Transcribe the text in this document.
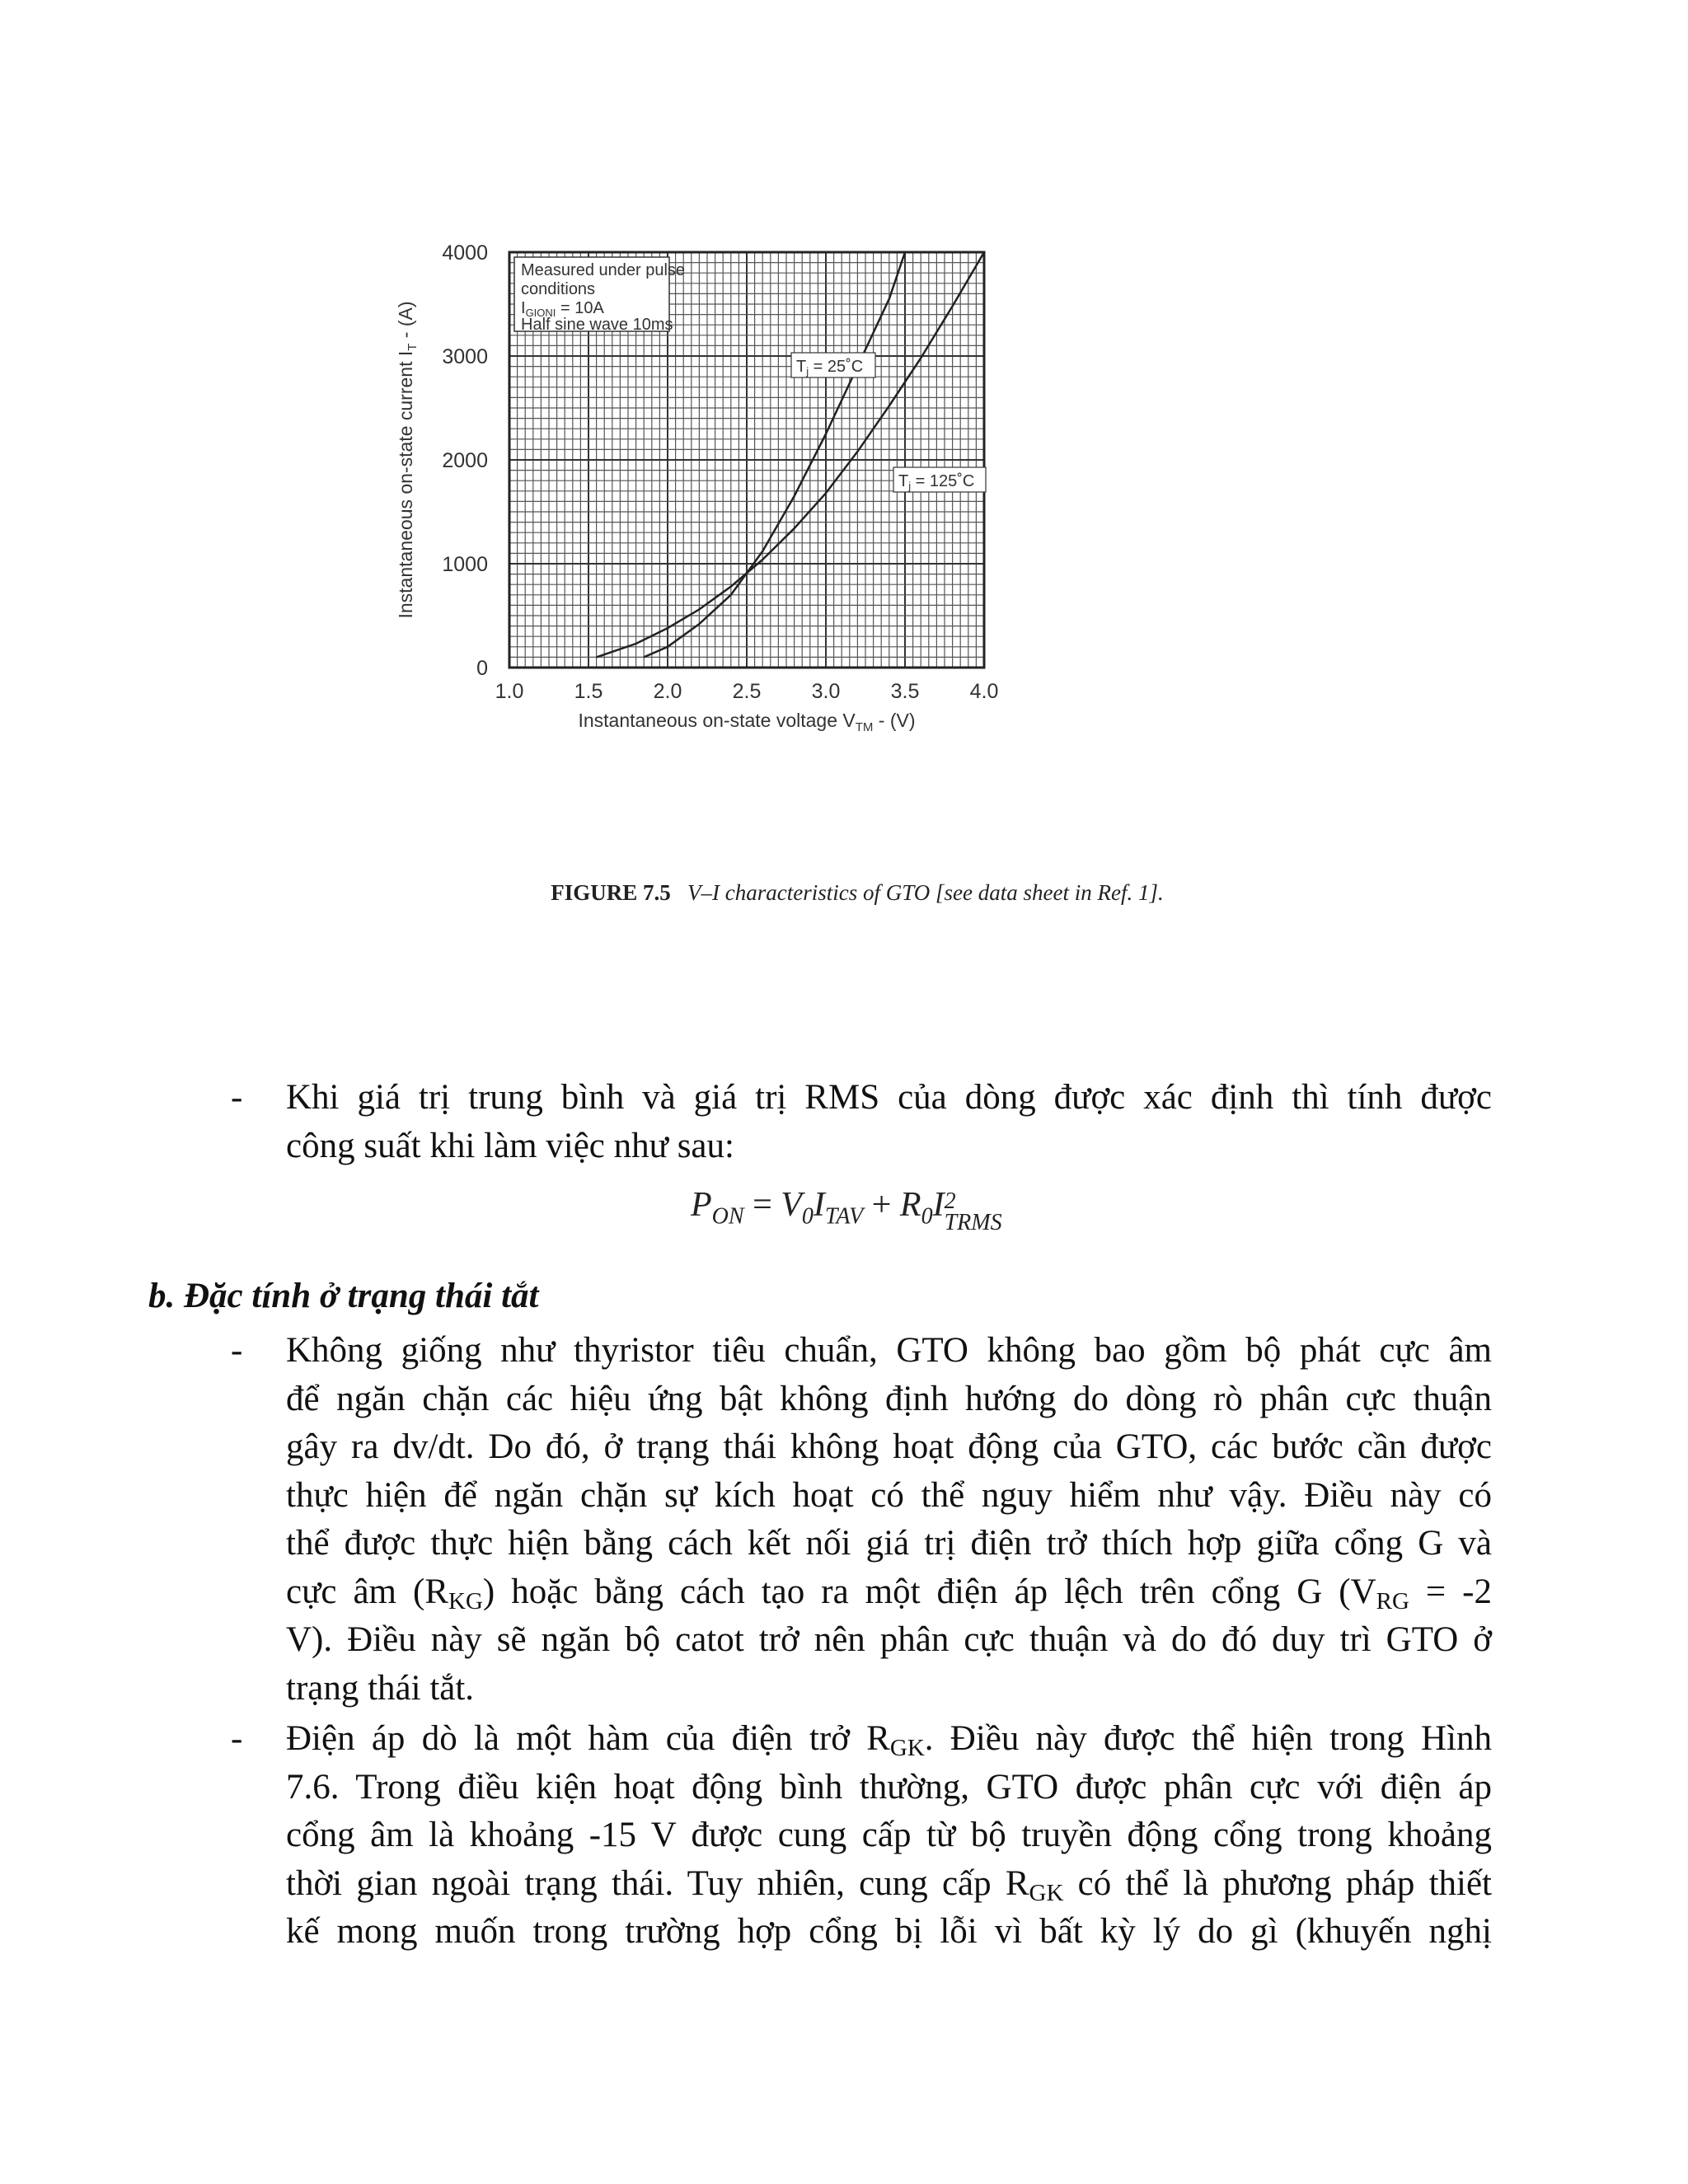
0
1000
2000
3000
4000
1.0 1.5 2.0 2.5 3.0 3.5 4.0
Measured under pulse
conditions
$I_{GIONI} = 10A$
Half sine wave 10ms
$T_j$ = 25˚C
$T_j$ = 125˚C
Instantaneous on-state voltage $V_{TM} - (V)$
Instantaneous on-state current $I_T - (A)$
FIGURE 7.5 V–I characteristics of GTO [see data sheet in Ref. 1].
- Khi giá trị trung bình và giá trị RMS của dòng được xác định thì tính được
công suất khi làm việc như sau:
$P_{ON} = V_0I_{TAV} + R_0I$ 2
TRMS
b. Đặc tính ở trạng thái tắt
- Không giống như thyristor tiêu chuẩn, GTO không bao gồm bộ phát cực âm
để ngăn chặn các hiệu ứng bật không định hướng do dòng rò phân cực thuận
gây ra dv/dt. Do đó, ở trạng thái không hoạt động của GTO, các bước cần được
thực hiện để ngăn chặn sự kích hoạt có thể nguy hiểm như vậy. Điều này có
thể được thực hiện bằng cách kết nối giá trị điện trở thích hợp giữa cổng G và
cực âm $(R_{KG})$ hoặc bằng cách tạo ra một điện áp lệch trên cổng G ($V_{RG} = -2$
V). Điều này sẽ ngăn bộ catot trở nên phân cực thuận và do đó duy trì GTO ở
trạng thái tắt.
- Điện áp dò là một hàm của điện trở $R_{GK}$. Điều này được thể hiện trong Hình
7.6. Trong điều kiện hoạt động bình thường, GTO được phân cực với điện áp
cổng âm là khoảng -15 V được cung cấp từ bộ truyền động cổng trong khoảng
thời gian ngoài trạng thái. Tuy nhiên, cung cấp $R_{GK}$ có thể là phương pháp thiết
kế mong muốn trong trường hợp cổng bị lỗi vì bất kỳ lý do gì (khuyến nghị
